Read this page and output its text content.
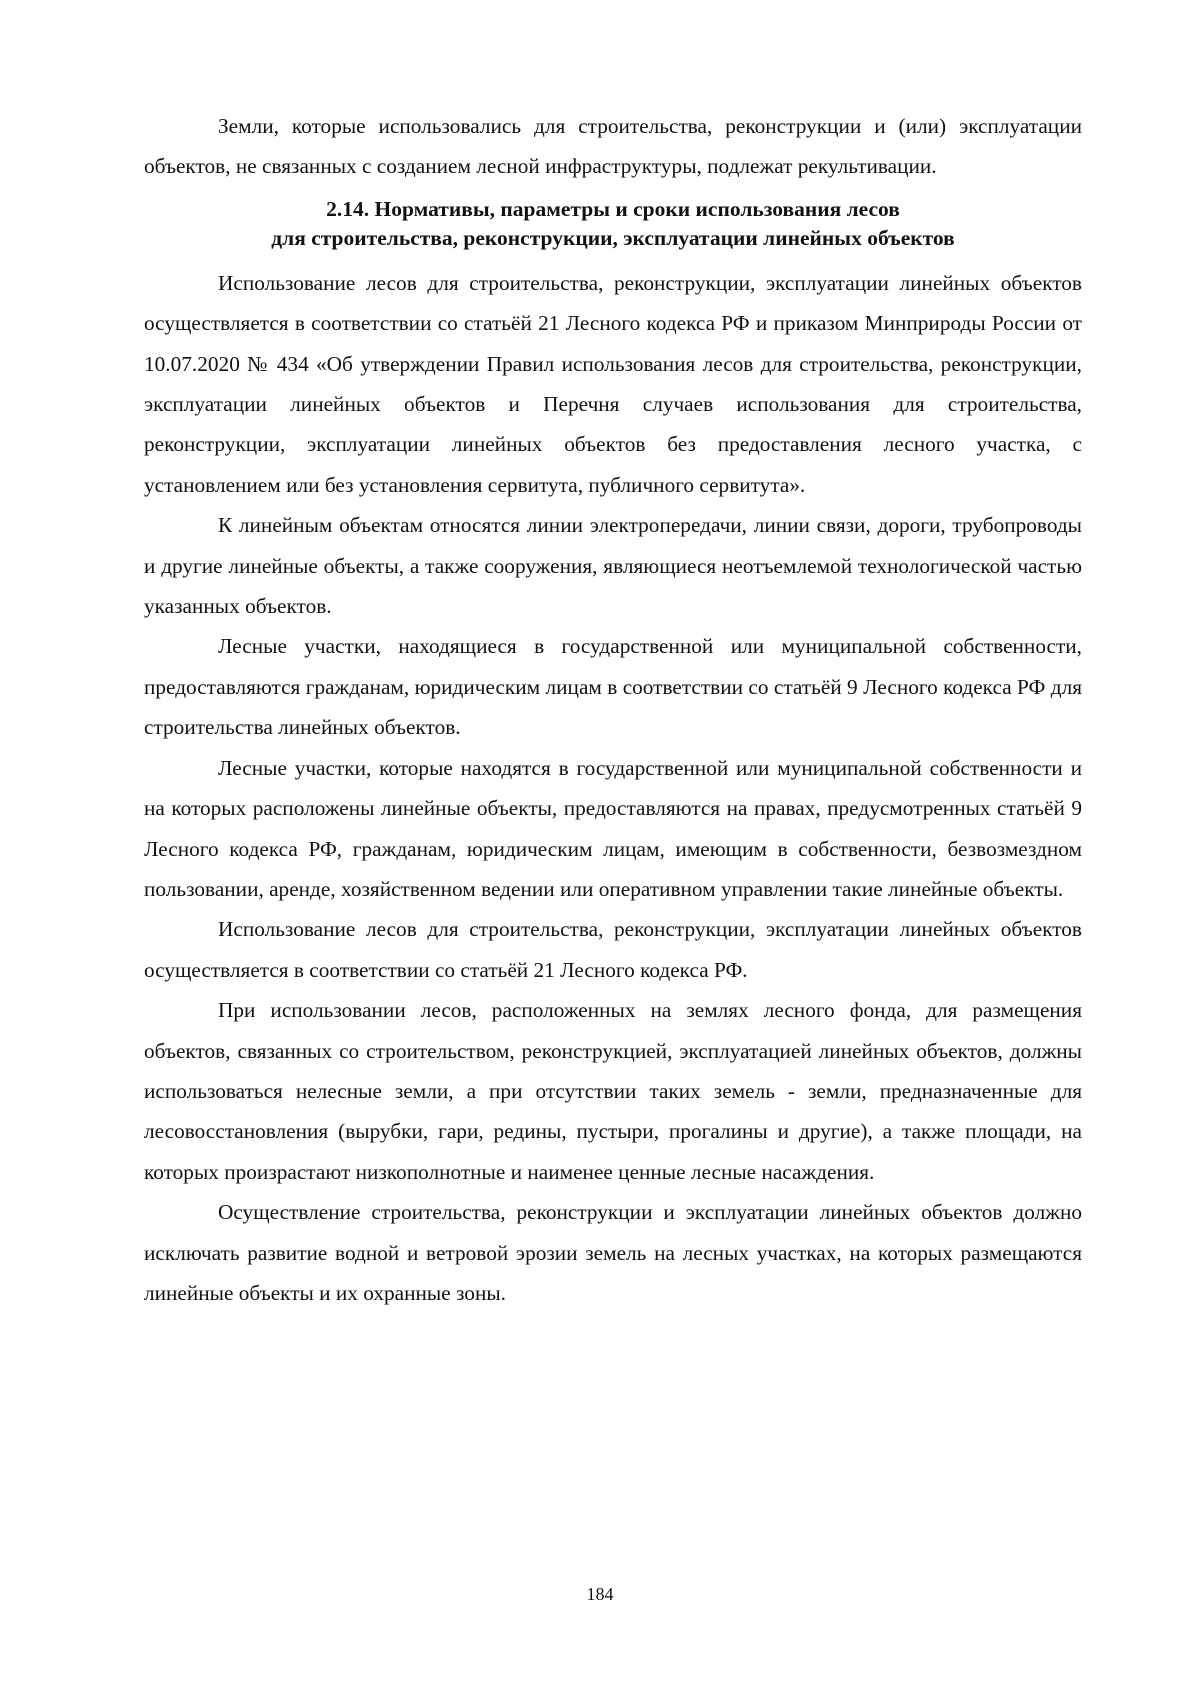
Земли, которые использовались для строительства, реконструкции и (или) эксплуатации объектов, не связанных с созданием лесной инфраструктуры, подлежат рекультивации.

2.14. Нормативы, параметры и сроки использования лесов
для строительства, реконструкции, эксплуатации линейных объектов

Использование лесов для строительства, реконструкции, эксплуатации линейных объектов осуществляется в соответствии со статьёй 21 Лесного кодекса РФ и приказом Минприроды России от 10.07.2020 № 434 «Об утверждении Правил использования лесов для строительства, реконструкции, эксплуатации линейных объектов и Перечня случаев использования для строительства, реконструкции, эксплуатации линейных объектов без предоставления лесного участка, с установлением или без установления сервитута, публичного сервитута».

К линейным объектам относятся линии электропередачи, линии связи, дороги, трубопроводы и другие линейные объекты, а также сооружения, являющиеся неотъемлемой технологической частью указанных объектов.

Лесные участки, находящиеся в государственной или муниципальной собственности, предоставляются гражданам, юридическим лицам в соответствии со статьёй 9 Лесного кодекса РФ для строительства линейных объектов.

Лесные участки, которые находятся в государственной или муниципальной собственности и на которых расположены линейные объекты, предоставляются на правах, предусмотренных статьёй 9 Лесного кодекса РФ, гражданам, юридическим лицам, имеющим в собственности, безвозмездном пользовании, аренде, хозяйственном ведении или оперативном управлении такие линейные объекты.

Использование лесов для строительства, реконструкции, эксплуатации линейных объектов осуществляется в соответствии со статьёй 21 Лесного кодекса РФ.

При использовании лесов, расположенных на землях лесного фонда, для размещения объектов, связанных со строительством, реконструкцией, эксплуатацией линейных объектов, должны использоваться нелесные земли, а при отсутствии таких земель - земли, предназначенные для лесовосстановления (вырубки, гари, редины, пустыри, прогалины и другие), а также площади, на которых произрастают низкополнотные и наименее ценные лесные насаждения.

Осуществление строительства, реконструкции и эксплуатации линейных объектов должно исключать развитие водной и ветровой эрозии земель на лесных участках, на которых размещаются линейные объекты и их охранные зоны.

184
